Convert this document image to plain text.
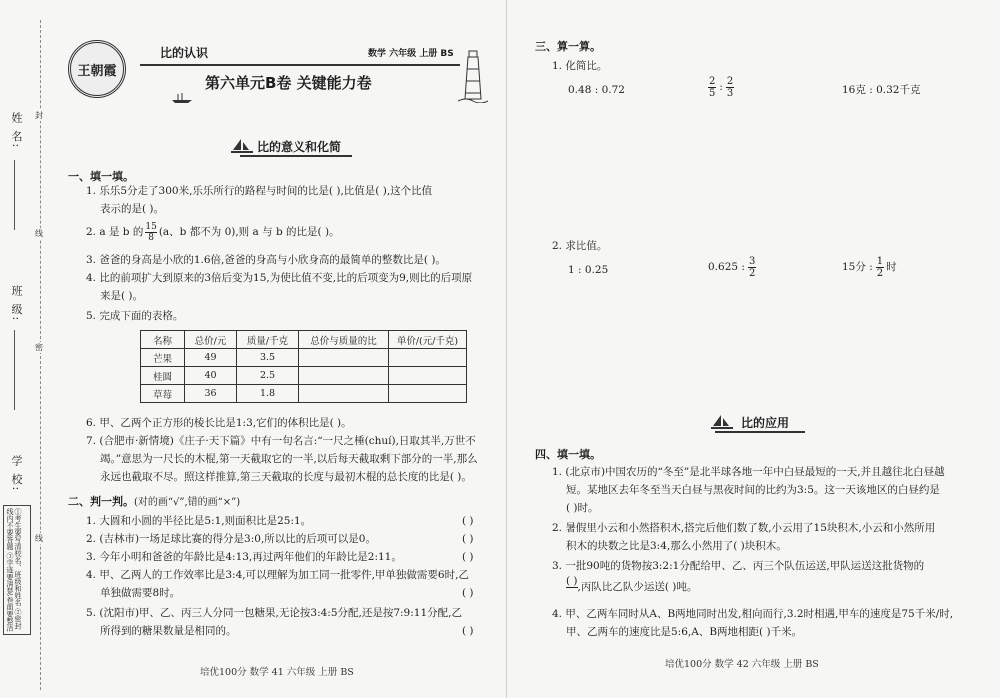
姓 名:
班 级:
学 校:
①考生要写清校名、班级和姓名 ②密封线内不要答题 ③字迹要清楚,卷面要整洁
封
线
密
线
王朝霞
比的认识	数学 六年级 上册 BS
第六单元B卷 关键能力卷
比的意义和化简
一、填一填。
1. 乐乐5分走了300米,乐乐所行的路程与时间的比是( ),比值是( ),这个比值
表示的是( )。
2. a 是 b 的 $\frac{15}{8} (a$、b 都不为 0),则 a 与 b 的比是( )。
3. 爸爸的身高是小欣的1.6倍,爸爸的身高与小欣身高的最简单的整数比是( )。
4. 比的前项扩大到原来的3倍后变为15,为使比值不变,比的后项变为9,则比的后项原
来是( )。
5. 完成下面的表格。
名称	总价/元	质量/千克	总价与质量的比	单价/(元/千克)
芒果	49	3.5		
桂圆	40	2.5		
草莓	36	1.8		
6. 甲、乙两个正方形的棱长比是1:3,它们的体积比是( )。
7. (合肥市·新情境)《庄子·天下篇》中有一句名言:“一尺之棰(chuí),日取其半,万世不
竭。”意思为一尺长的木棍,第一天截取它的一半,以后每天截取剩下部分的一半,那么
永远也截取不尽。照这样推算,第三天截取的长度与最初木棍的总长度的比是( )。
二、判一判。(对的画“√”,错的画“×”)
1. 大圆和小圆的半径比是5:1,则面积比是25:1。	( )
2. (吉林市)一场足球比赛的得分是3:0,所以比的后项可以是0。	( )
3. 今年小明和爸爸的年龄比是4:13,再过两年他们的年龄比是2:11。	( )
4. 甲、乙两人的工作效率比是3:4,可以理解为加工同一批零件,甲单独做需要6时,乙
单独做需要8时。	( )
5. (沈阳市)甲、乙、丙三人分同一包糖果,无论按3:4:5分配,还是按7:9:11分配,乙
所得到的糖果数量是相同的。	( )
培优100分 数学 41 六年级 上册 BS
三、算一算。
1. 化简比。
0.48 : 0.72	$\frac{2}{5}$ : $\frac{2}{3}$	16克 : 0.32千克
2. 求比值。
1 : 0.25	0.625 : $\frac{3}{2}$	15分 : $\frac{1}{2}$ 时
比的应用
四、填一填。
1. (北京市)中国农历的“冬至”是北半球各地一年中白昼最短的一天,并且越往北白昼越
短。某地区去年冬至当天白昼与黑夜时间的比约为3:5。这一天该地区的白昼约是
( )时。
2. 暑假里小云和小然搭积木,搭完后他们数了数,小云用了15块积木,小云和小然所用
积木的块数之比是3:4,那么小然用了( )块积木。
3. 一批90吨的货物按3:2:1分配给甲、乙、丙三个队伍运送,甲队运送这批货物的
( )
,丙队比乙队少运送( )吨。
4. 甲、乙两车同时从A、B两地同时出发,相向而行,3.2时相遇,甲车的速度是75千米/时,
甲、乙两车的速度比是5:6,A、B两地相距( )千米。
培优100分 数学 42 六年级 上册 BS
